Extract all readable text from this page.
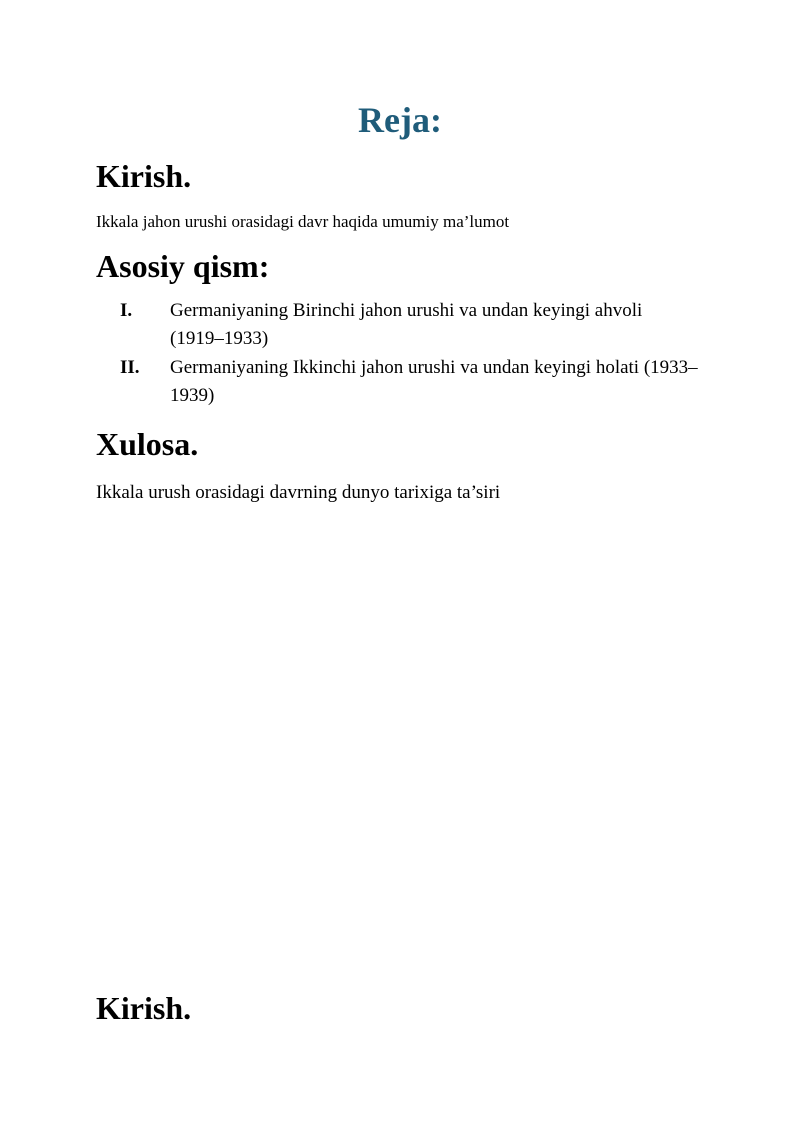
Reja:
Kirish.
Ikkala jahon urushi orasidagi davr haqida umumiy ma’lumot
Asosiy qism:
I. Germaniyaning Birinchi jahon urushi va undan keyingi ahvoli (1919–1933)
II. Germaniyaning Ikkinchi jahon urushi va undan keyingi holati (1933–1939)
Xulosa.
Ikkala urush orasidagi davrning dunyo tarixiga ta’siri
Kirish.
